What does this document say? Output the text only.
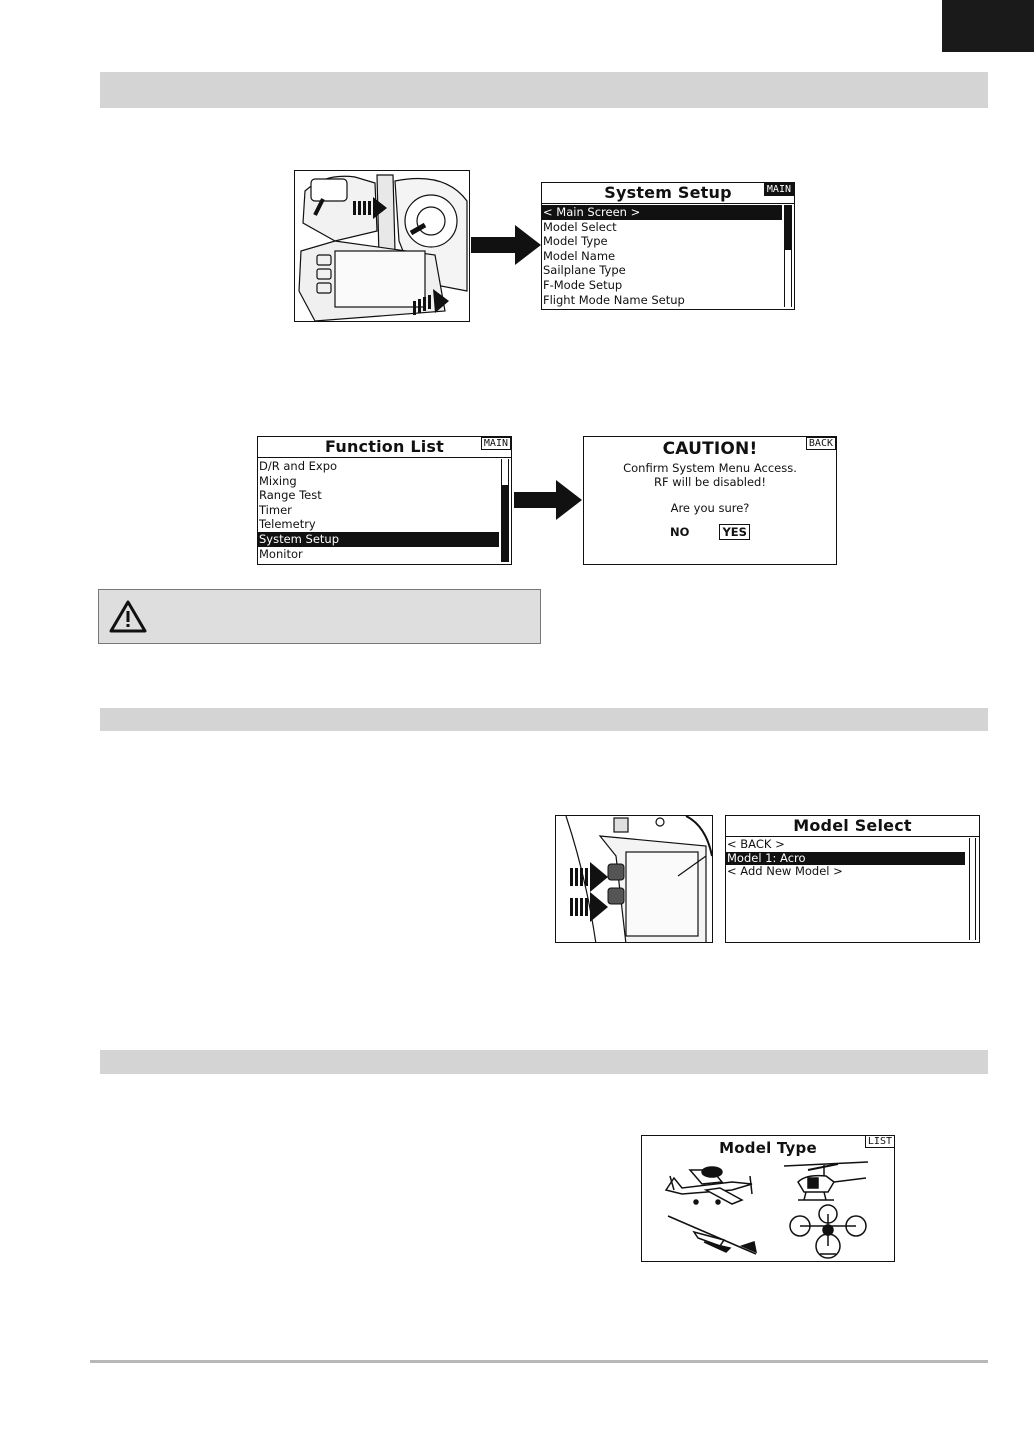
System Setup	MAIN
< Main Screen >
Model Select
Model Type
Model Name
Sailplane Type
F-Mode Setup
Flight Mode Name Setup
Function List	MAIN
D/R and Expo
Mixing
Range Test
Timer
Telemetry
System Setup
Monitor
CAUTION!	BACK
Confirm System Menu Access.
RF will be disabled!
Are you sure?
NO	YES
Model Select
< BACK >
Model 1: Acro
< Add New Model >
Model Type	LIST
